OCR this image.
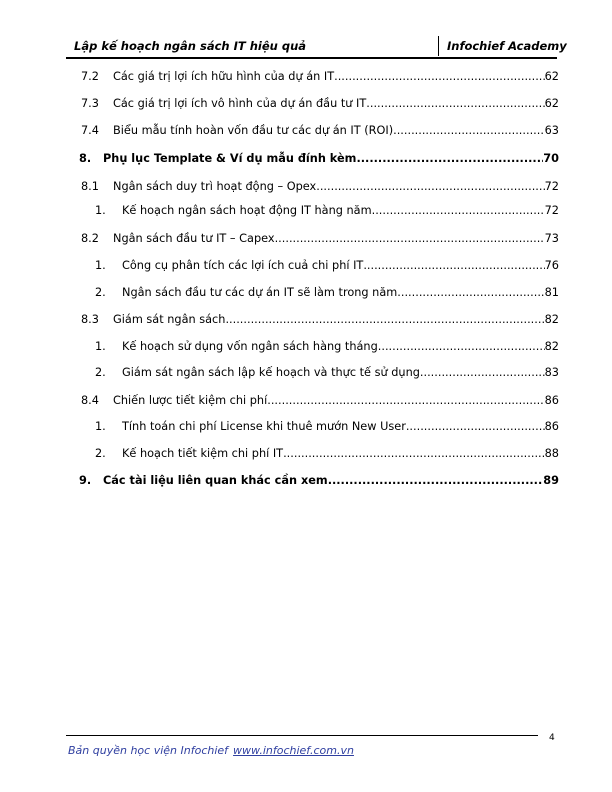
Lập kế hoạch ngân sách IT hiệu quả	Infochief Academy
7.2 Các giá trị lợi ích hữu hình của dự án IT .....	62
7.3 Các giá trị lợi ích vô hình của dự án đầu tư IT .....	62
7.4 Biểu mẫu tính hoàn vốn đầu tư các dự án IT (ROI) .....	63
8. Phụ lục Template & Ví dụ mẫu đính kèm .....	70
8.1 Ngân sách duy trì hoạt động – Opex .....	72
1. Kế hoạch ngân sách hoạt động IT hàng năm .....	72
8.2 Ngân sách đầu tư IT – Capex .....	73
1. Công cụ phân tích các lợi ích cuả chi phí IT .....	76
2. Ngân sách đầu tư các dự án IT sẽ làm trong năm .....	81
8.3 Giám sát ngân sách .....	82
1. Kế hoạch sử dụng vốn ngân sách hàng tháng .....	82
2. Giám sát ngân sách lập kế hoạch và thực tế sử dụng .....	83
8.4 Chiến lược tiết kiệm chi phí .....	86
1. Tính toán chi phí License khi thuê mướn New User .....	86
2. Kế hoạch tiết kiệm chi phí IT .....	88
9. Các tài liệu liên quan khác cần xem .....	89
4
Bản quyền học viện Infochief www.infochief.com.vn
